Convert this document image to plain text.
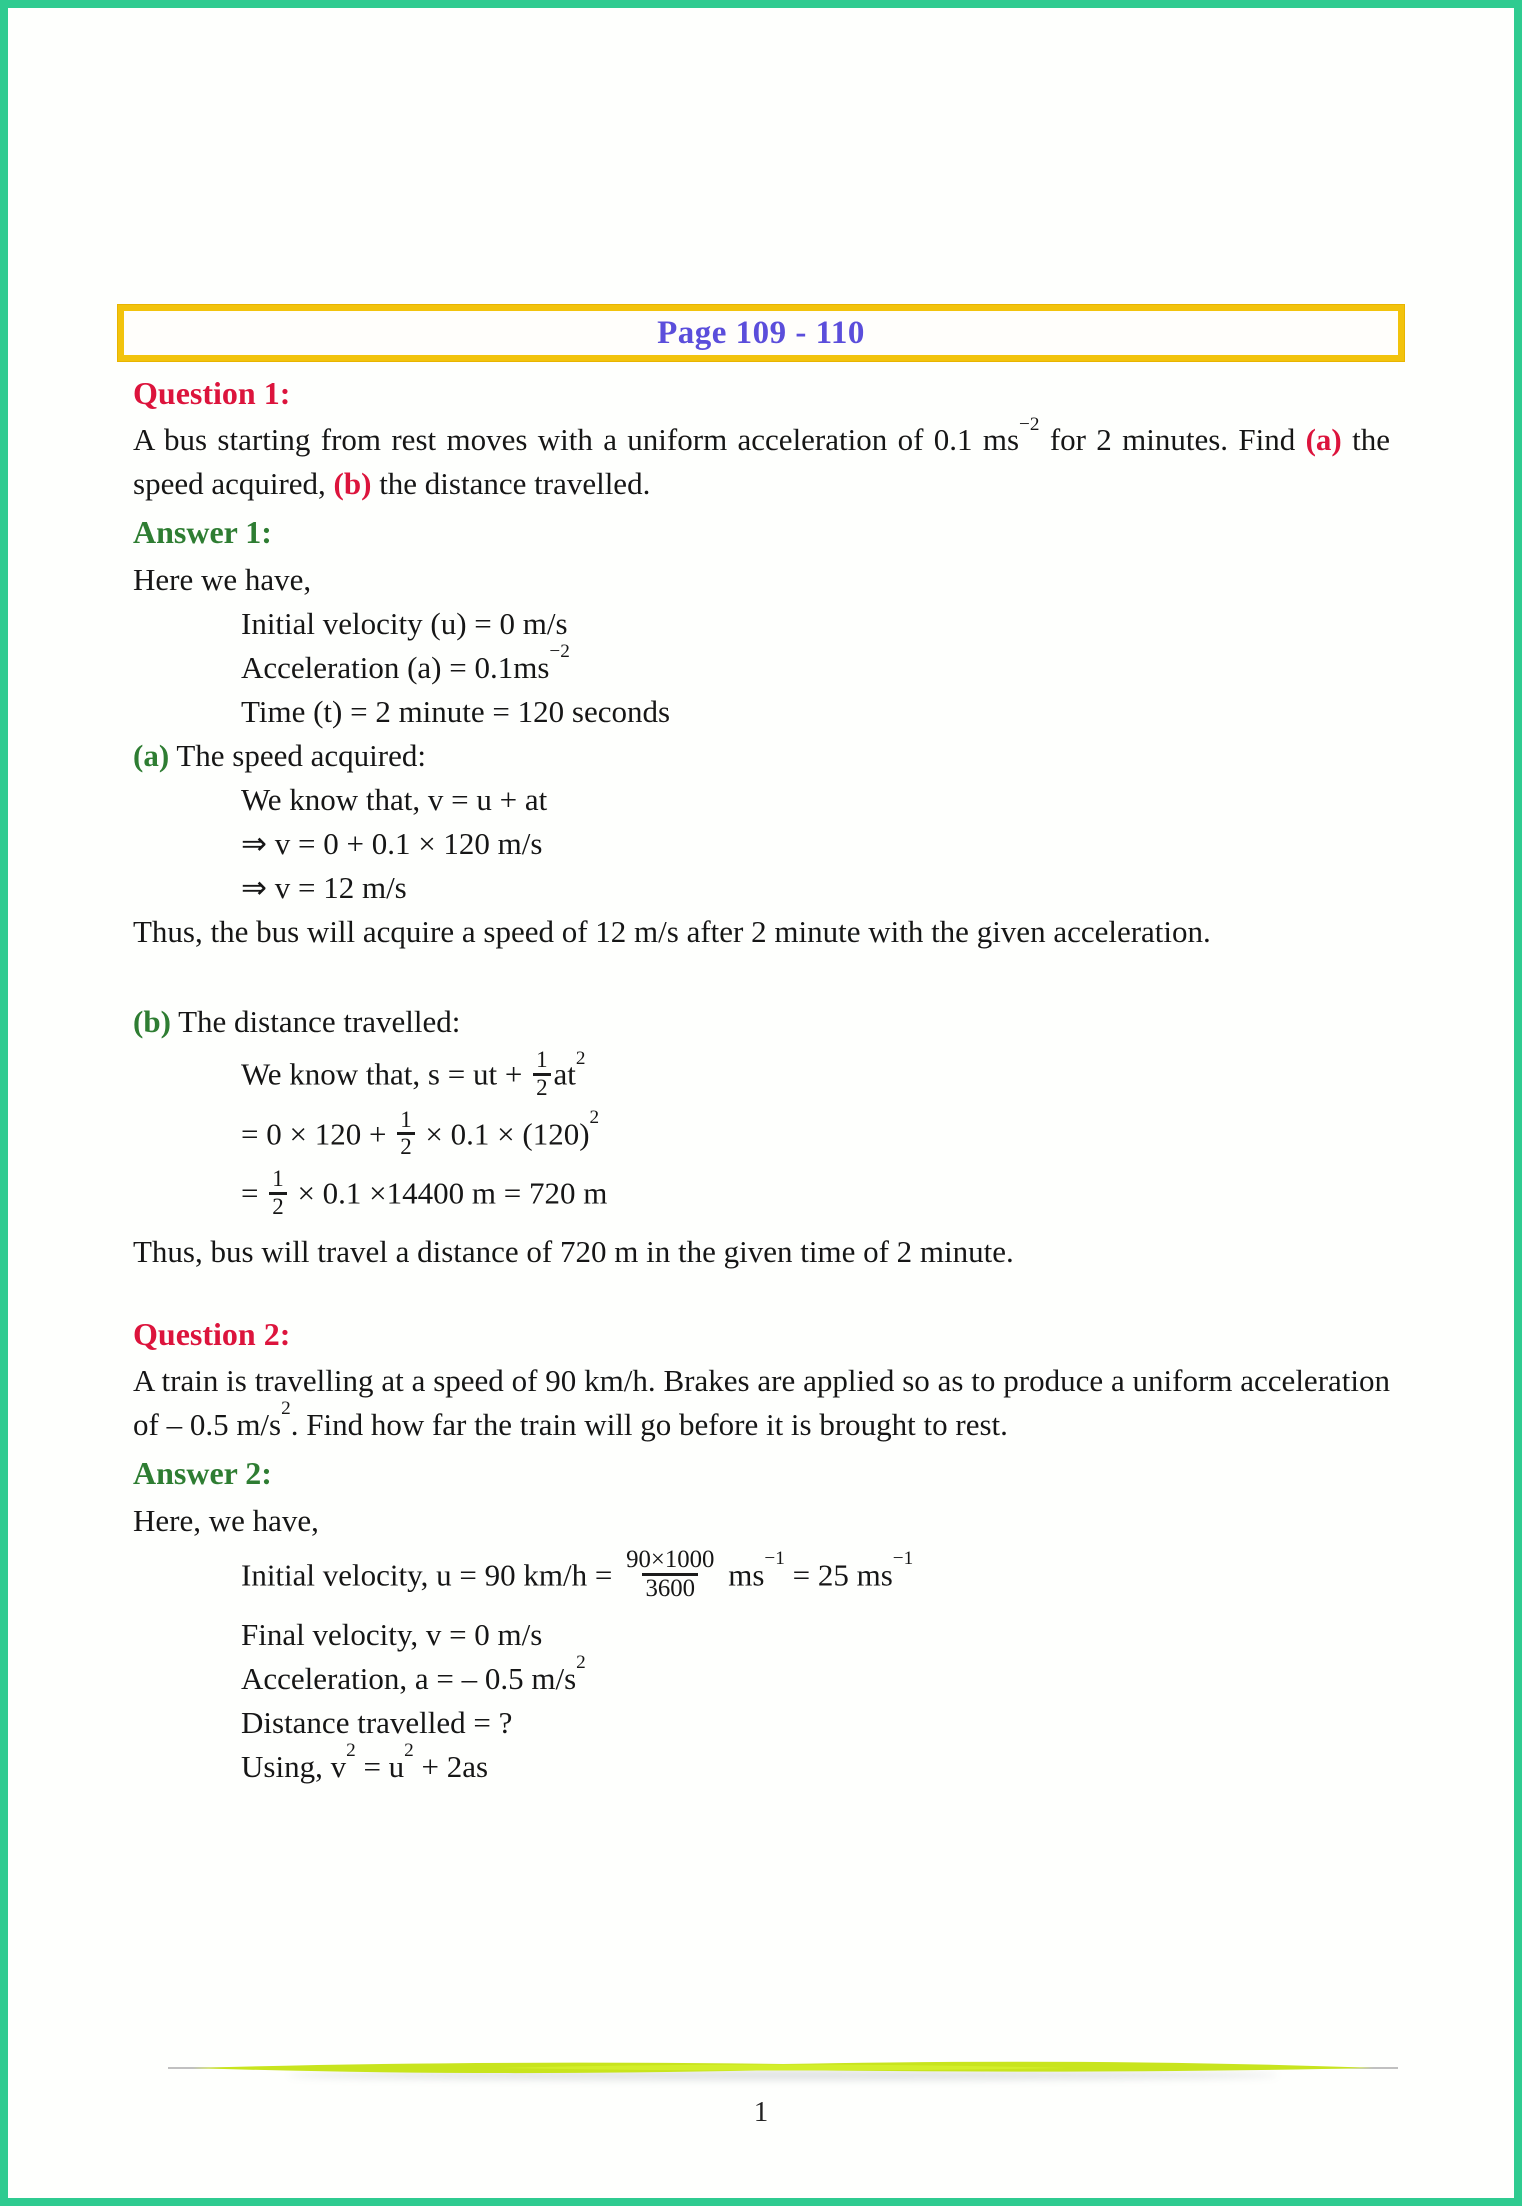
Page 109 - 110
Question 1:

A bus starting from rest moves with a uniform acceleration of 0.1 $ms^{-2}$ for 2 minutes. Find (a) the speed acquired, (b) the distance travelled.

Answer 1:
Here we have,
Initial velocity (u) = 0 m/s
Acceleration $(a) = 0.1ms^{-2}$
Time (t) = 2 minute = 120 seconds
(a) The speed acquired:
We know that, v = u + at
⇒ v = 0 + 0.1 × 120 m/s
⇒ v = 12 m/s

Thus, the bus will acquire a speed of 12 m/s after 2 minute with the given acceleration.

(b) The distance travelled:
We know that, s = ut + $\frac{1}{2} at^2$
= $0 \times 120 + \frac{1}{2} \times 0.1 \times (120)^2$
= $\frac{1}{2} \times 0.1 \times 14400$ m = 720 m

Thus, bus will travel a distance of 720 m in the given time of 2 minute.

Question 2:

A train is travelling at a speed of 90 km/h. Brakes are applied so as to produce a uniform acceleration of – 0.5 $m/s^2$. Find how far the train will go before it is brought to rest.

Answer 2:
Here, we have,
Initial velocity, u = 90 $km/h = \frac{90\times 1000}{3600} ms^{-1} = 25$ $ms^{-1}$
Final velocity, v = 0 m/s
Acceleration, a = – 0.5 $m/s^2$
Distance travelled = ?
Using, $v^2 = u^2 + 2as$
1
